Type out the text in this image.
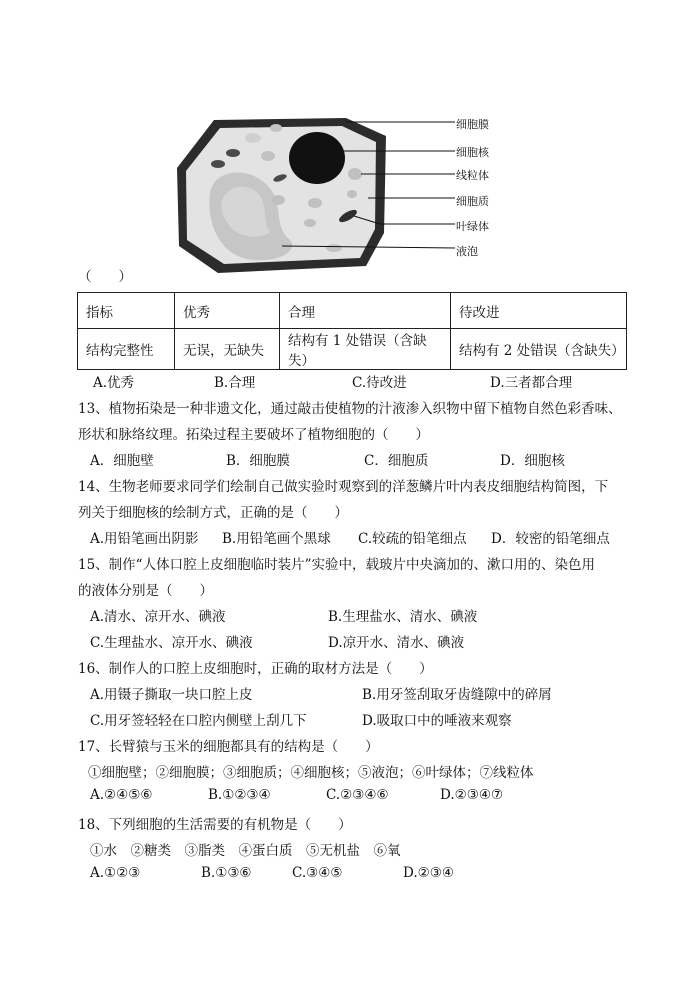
细胞膜
细胞核
线粒体
细胞质
叶绿体
液泡
（　　）
指标	优秀	合理	待改进
结构完整性	无误，无缺失	结构有 1 处错误（含缺失）	结构有 2 处错误（含缺失）
A.优秀	B.合理	C.待改进	D.三者都合理
13、植物拓染是一种非遗文化，通过敲击使植物的汁液渗入织物中留下植物自然色彩香味、
形状和脉络纹理。拓染过程主要破坏了植物细胞的（　　）
A．细胞壁	B．细胞膜	C．细胞质	D．细胞核
14、生物老师要求同学们绘制自己做实验时观察到的洋葱鳞片叶内表皮细胞结构简图，下
列关于细胞核的绘制方式，正确的是（　　）
A.用铅笔画出阴影 B.用铅笔画个黑球 C.较疏的铅笔细点 D．较密的铅笔细点
15、制作“人体口腔上皮细胞临时装片”实验中，载玻片中央滴加的、漱口用的、染色用
的液体分别是（　　）
A.清水、凉开水、碘液	B.生理盐水、清水、碘液
C.生理盐水、凉开水、碘液	D.凉开水、清水、碘液
16、制作人的口腔上皮细胞时，正确的取材方法是（　　）
A.用镊子撕取一块口腔上皮	B.用牙签刮取牙齿缝隙中的碎屑
C.用牙签轻轻在口腔内侧壁上刮几下	D.吸取口中的唾液来观察
17、长臂猿与玉米的细胞都具有的结构是（　　）
①细胞壁；②细胞膜；③细胞质；④细胞核；⑤液泡；⑥叶绿体；⑦线粒体
A.②④⑤⑥	B.①②③④	C.②③④⑥	D.②③④⑦
18、下列细胞的生活需要的有机物是（　　）
①水　②糖类　③脂类　④蛋白质　⑤无机盐　⑥氧
A.①②③	B.①③⑥	C.③④⑤	D.②③④
